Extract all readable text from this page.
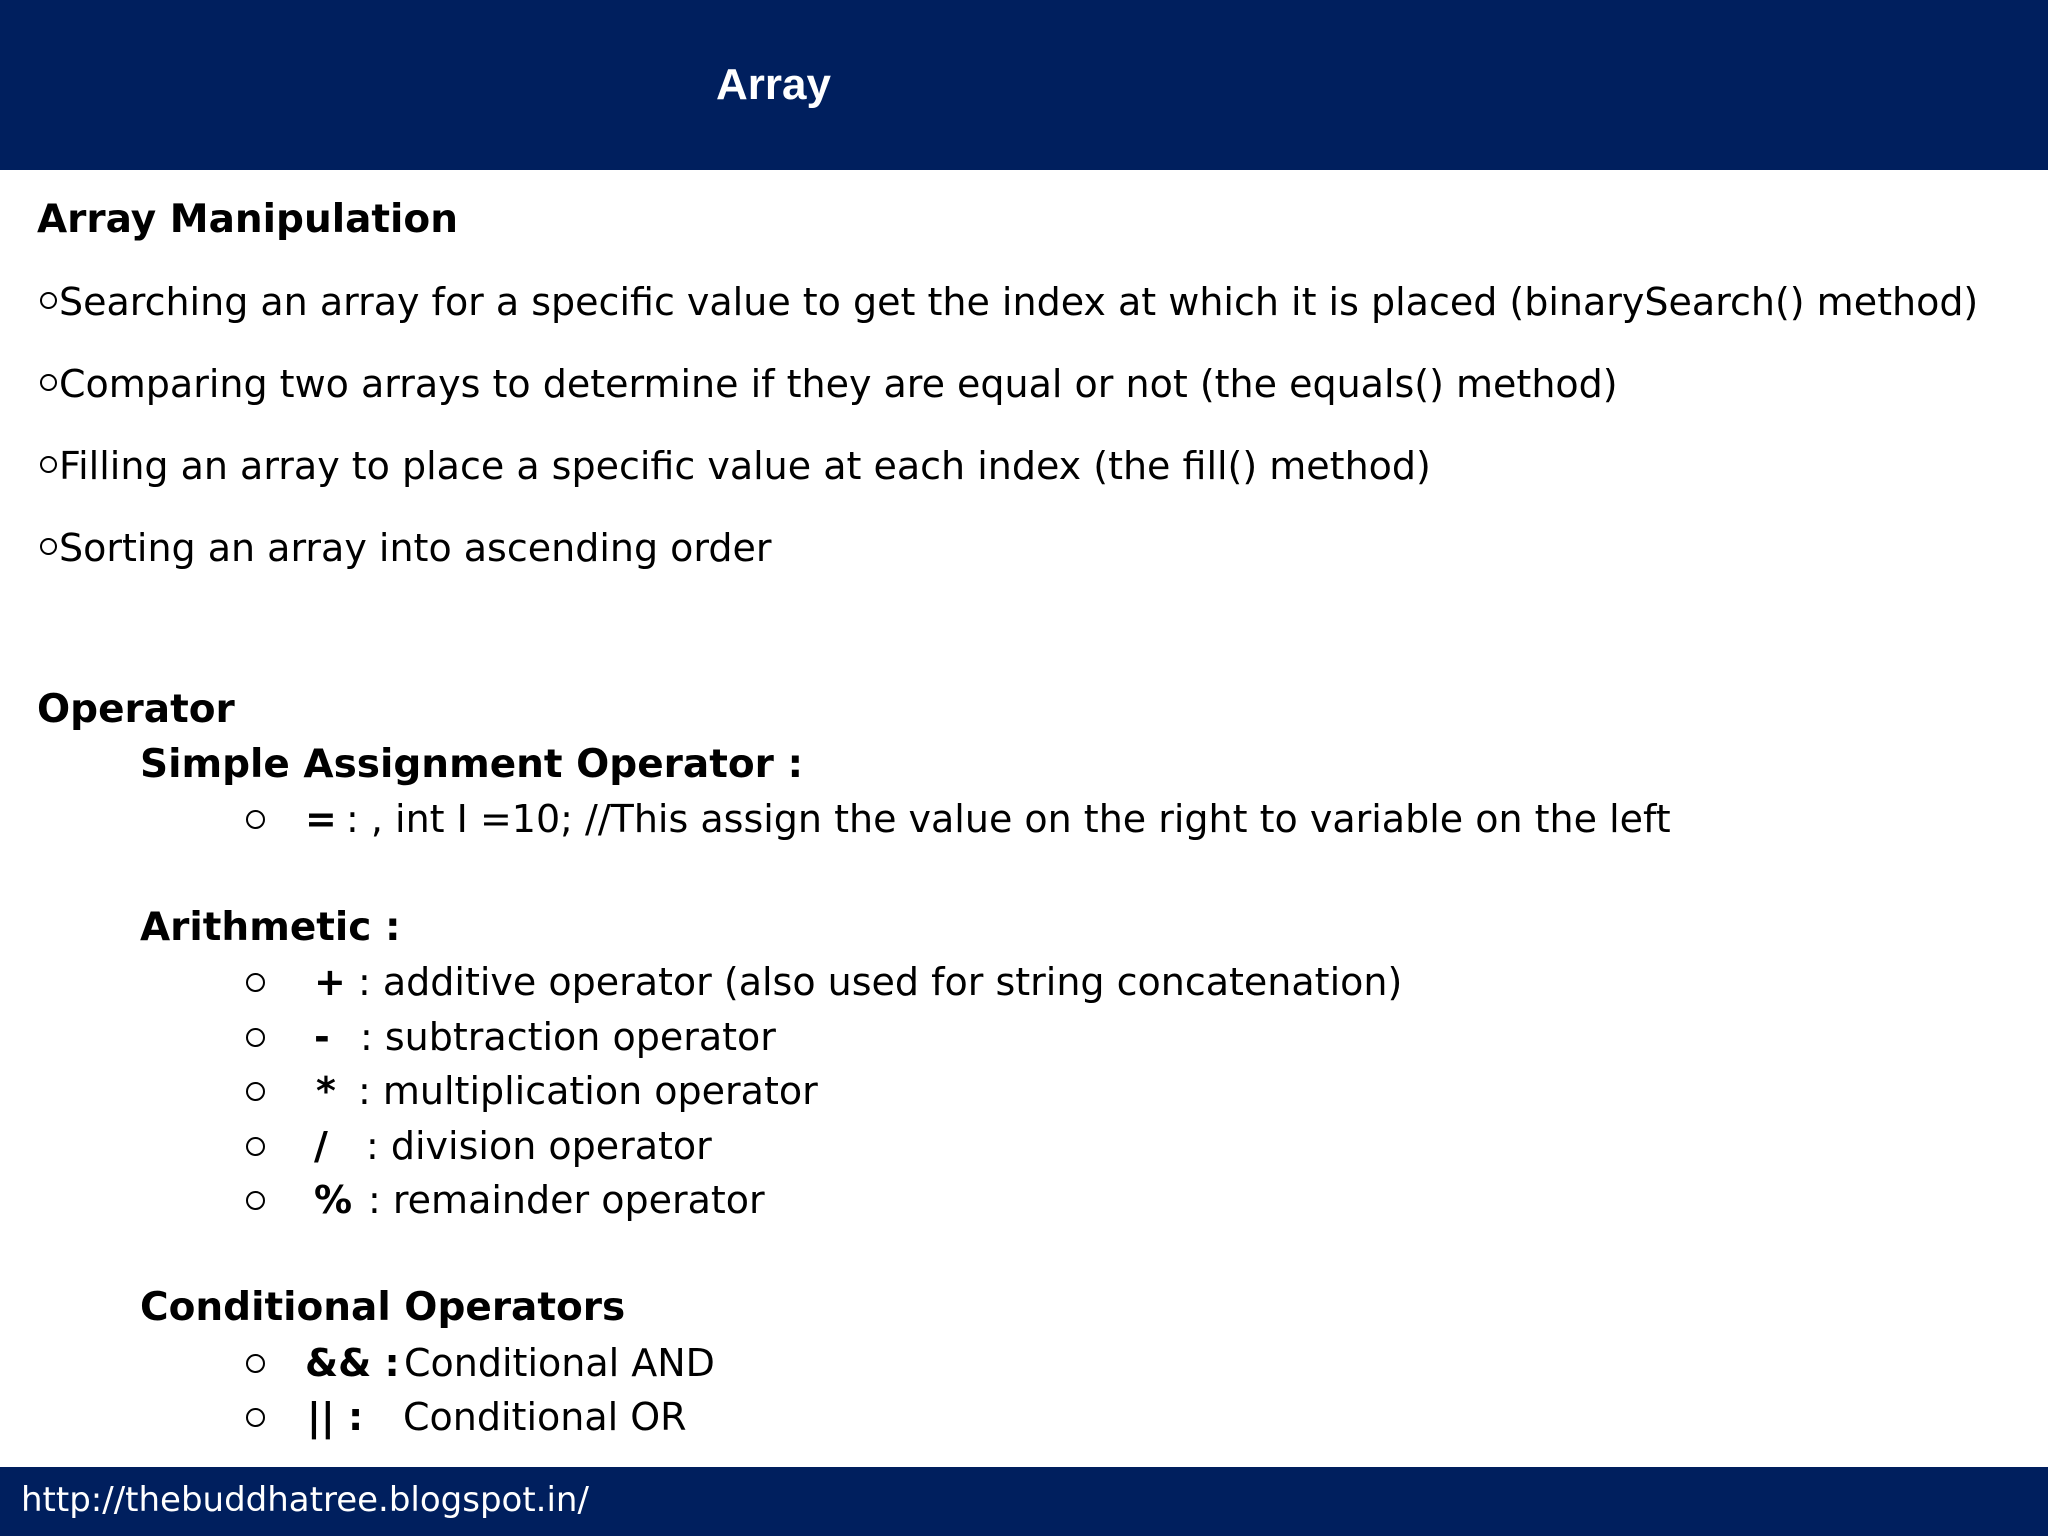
Array
Array Manipulation
Searching an array for a specific value to get the index at which it is placed (binarySearch() method)
Comparing two arrays to determine if they are equal or not (the equals() method)
Filling an array to place a specific value at each index (the fill() method)
Sorting an array into ascending order
Operator
Simple Assignment Operator :
= : , int I =10; //This assign the value on the right to variable on the left
Arithmetic :
+ : additive operator (also used for string concatenation)
- : subtraction operator
* : multiplication operator
/ : division operator
% : remainder operator
Conditional Operators
&& : Conditional AND
|| : Conditional OR
http://thebuddhatree.blogspot.in/
